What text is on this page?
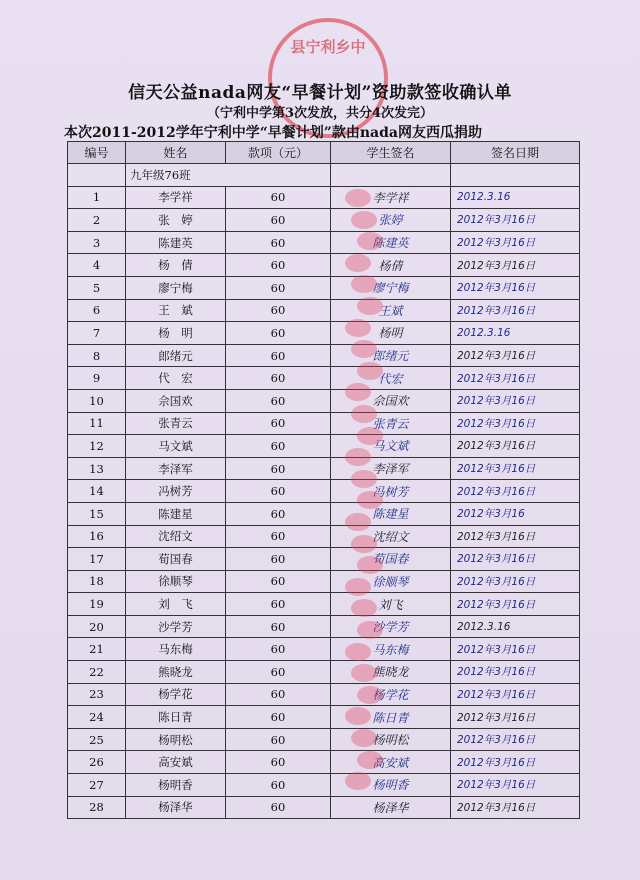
县宁利乡中
信天公益nada网友“早餐计划”资助款签收确认单
（宁利中学第3次发放，共分4次发完）
本次2011-2012学年宁利中学“早餐计划”款由nada网友西瓜捐助
编号	姓名	款项（元）	学生签名	签名日期
	九年级76班			
1	李学祥	60	李学祥	2012.3.16
2	张　婷	60	张婷	2012年3月16日
3	陈建英	60	陈建英	2012年3月16日
4	杨　倩	60	杨倩	2012年3月16日
5	廖宁梅	60	廖宁梅	2012年3月16日
6	王　斌	60	王斌	2012年3月16日
7	杨　明	60	杨明	2012.3.16
8	郎绪元	60	郎绪元	2012年3月16日
9	代　宏	60	代宏	2012年3月16日
10	佘国欢	60	佘国欢	2012年3月16日
11	张青云	60	张青云	2012年3月16日
12	马文斌	60	马文斌	2012年3月16日
13	李泽军	60	李泽军	2012年3月16日
14	冯树芳	60	冯树芳	2012年3月16日
15	陈建星	60	陈建星	2012年3月16
16	沈绍文	60	沈绍文	2012年3月16日
17	荀国春	60	荀国春	2012年3月16日
18	徐顺琴	60	徐顺琴	2012年3月16日
19	刘　飞	60	刘飞	2012年3月16日
20	沙学芳	60	沙学芳	2012.3.16
21	马东梅	60	马东梅	2012年3月16日
22	熊晓龙	60	熊晓龙	2012年3月16日
23	杨学花	60	杨学花	2012年3月16日
24	陈日青	60	陈日青	2012年3月16日
25	杨明松	60	杨明松	2012年3月16日
26	高安斌	60	高安斌	2012年3月16日
27	杨明香	60	杨明香	2012年3月16日
28	杨泽华	60	杨泽华	2012年3月16日
